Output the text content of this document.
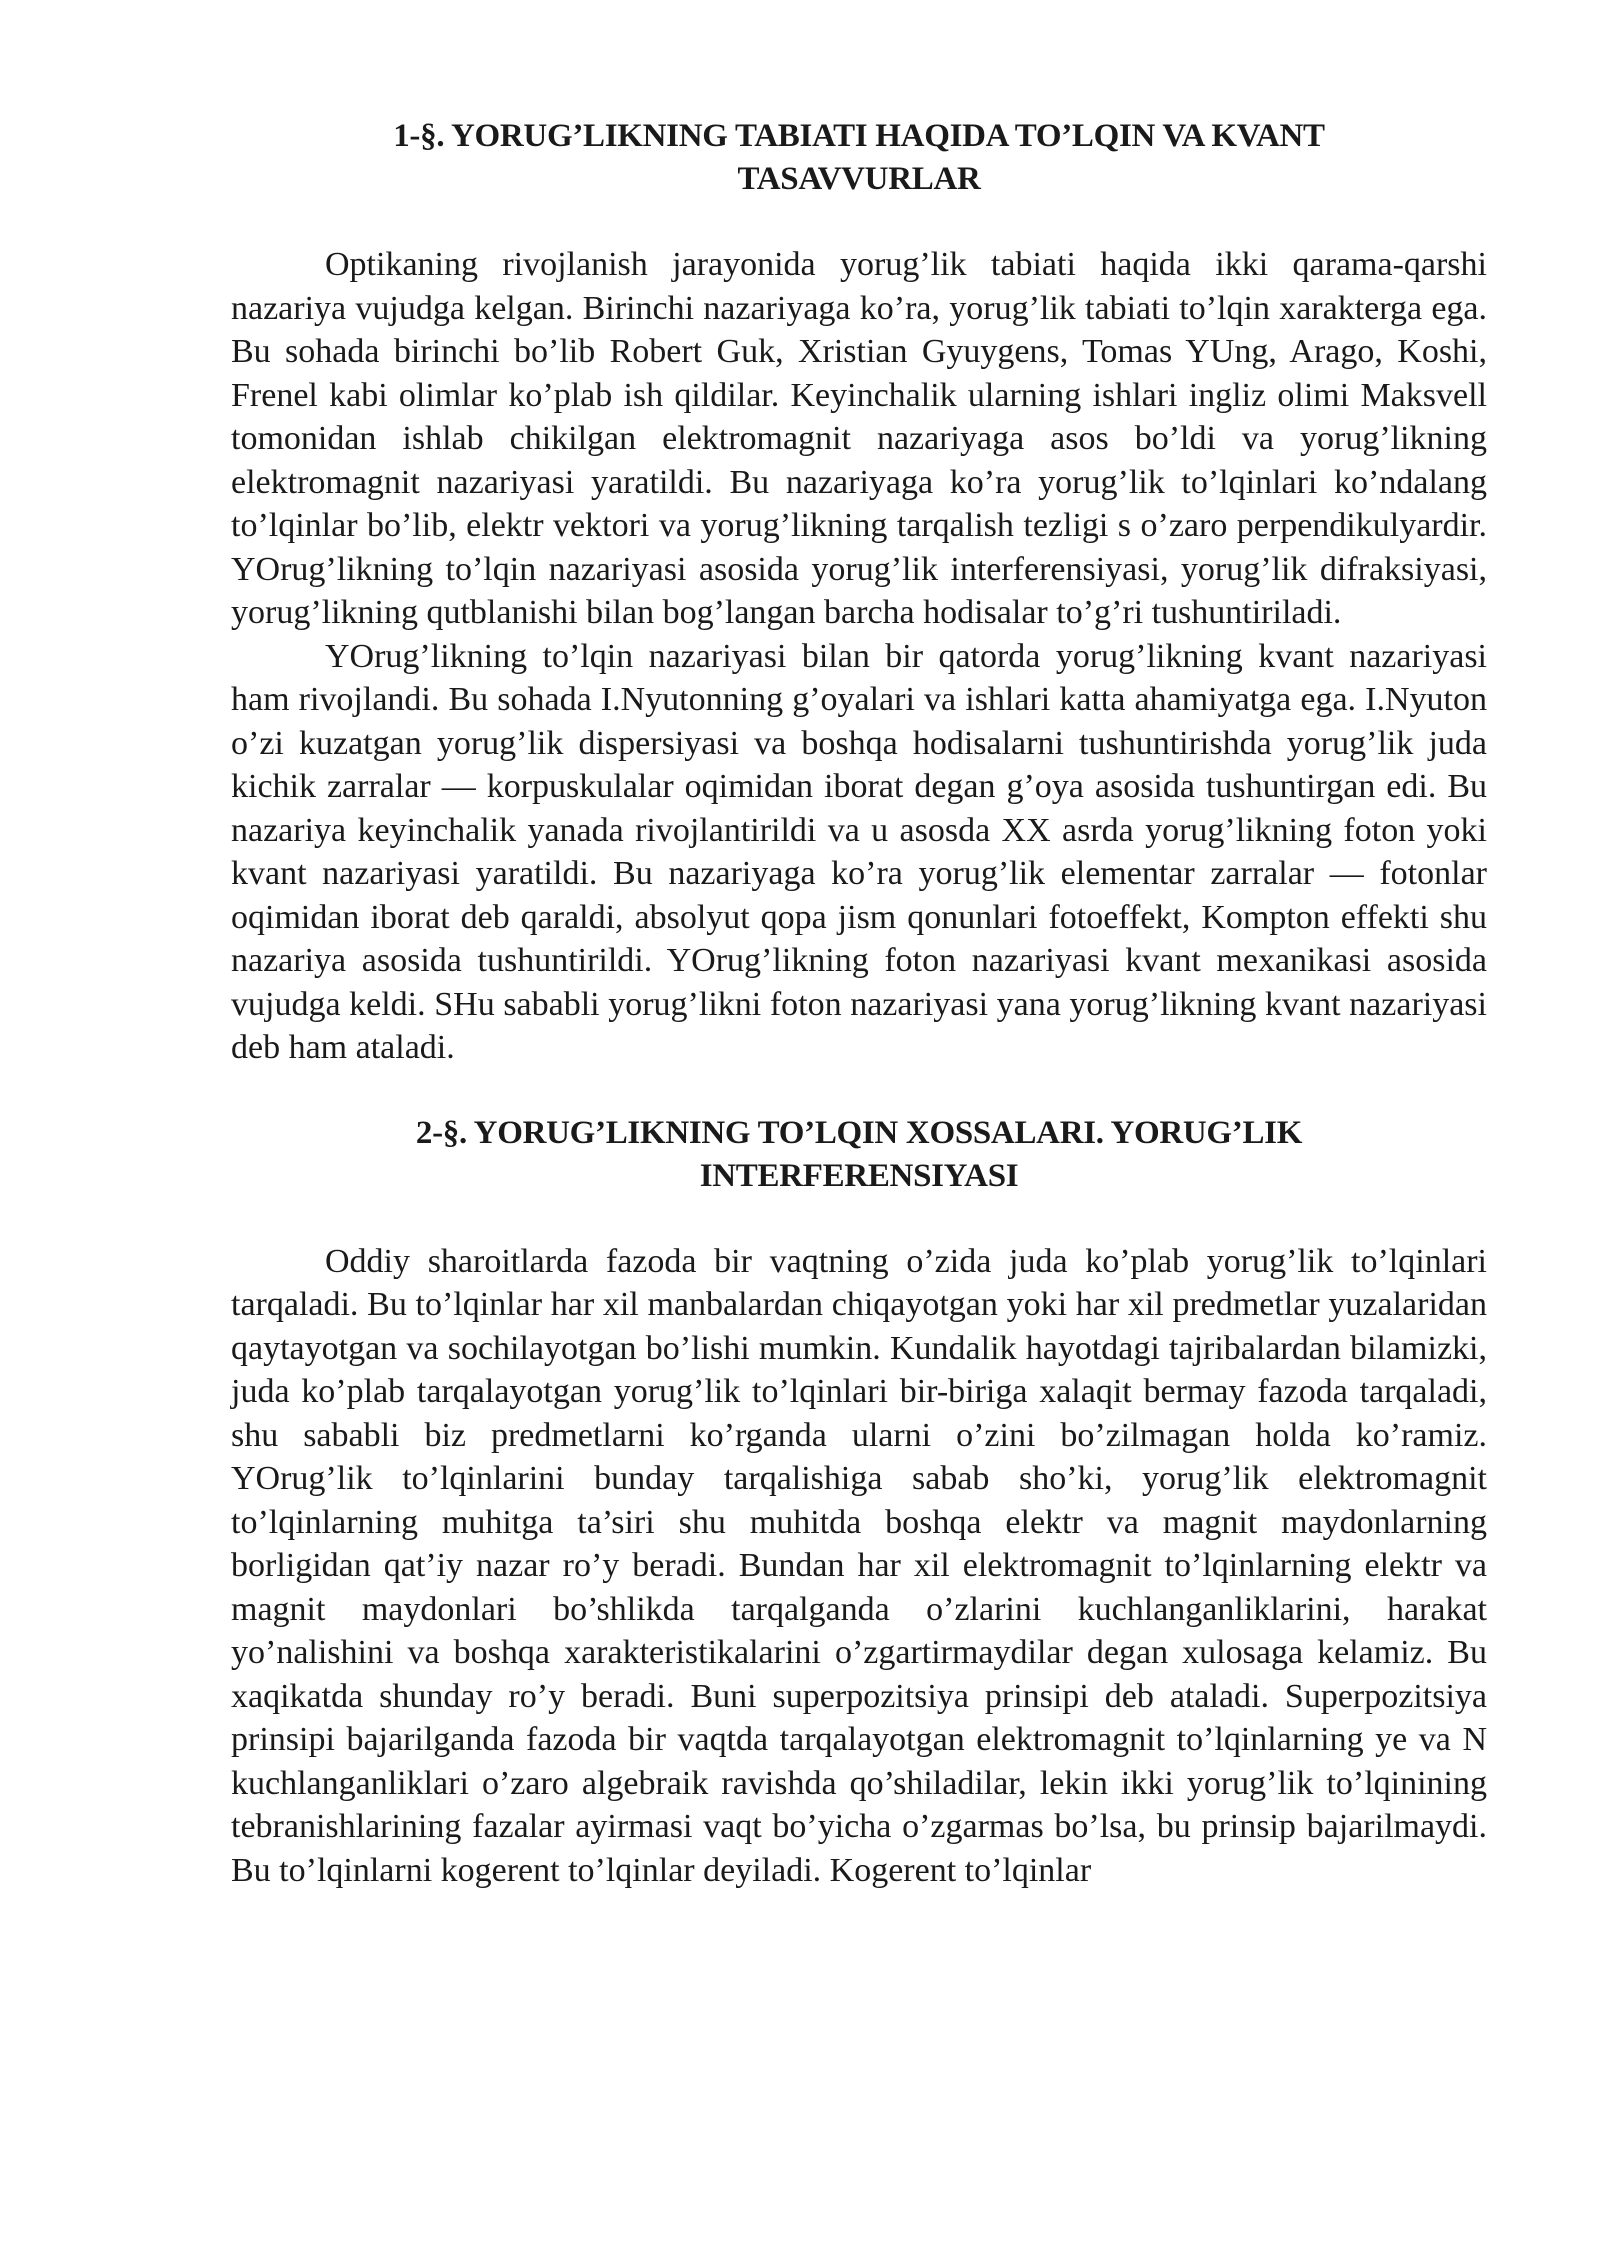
1-§. YORUG’LIKNING TABIATI HAQIDA TO’LQIN VA KVANT
TASAVVURLAR

Optikaning rivojlanish jarayonida yorug’lik tabiati haqida ikki qarama-qarshi nazariya vujudga kelgan. Birinchi nazariyaga ko’ra, yorug’lik tabiati to’lqin xarakterga ega. Bu sohada birinchi bo’lib Robert Guk, Xristian Gyuygens, Tomas YUng, Arago, Koshi, Frenel kabi olimlar ko’plab ish qildilar. Keyinchalik ularning ishlari ingliz olimi Maksvell tomonidan ishlab chikilgan elektromagnit nazariyaga asos bo’ldi va yorug’likning elektromagnit nazariyasi yaratildi. Bu nazariyaga ko’ra yorug’lik to’lqinlari ko’ndalang to’lqinlar bo’lib, elektr vektori va yorug’likning tarqalish tezligi s o’zaro perpendikulyardir. YOrug’likning to’lqin nazariyasi asosida yorug’lik interferensiyasi, yorug’lik difraksiyasi, yorug’likning qutblanishi bilan bog’langan barcha hodisalar to’g’ri tushuntiriladi.

YOrug’likning to’lqin nazariyasi bilan bir qatorda yorug’likning kvant nazariyasi ham rivojlandi. Bu sohada I.Nyutonning g’oyalari va ishlari katta ahamiyatga ega. I.Nyuton o’zi kuzatgan yorug’lik dispersiyasi va boshqa hodisalarni tushuntirishda yorug’lik juda kichik zarralar — korpuskulalar oqimidan iborat degan g’oya asosida tushuntirgan edi. Bu nazariya keyinchalik yanada rivojlantirildi va u asosda XX asrda yorug’likning foton yoki kvant nazariyasi yaratildi. Bu nazariyaga ko’ra yorug’lik elementar zarralar — fotonlar oqimidan iborat deb qaraldi, absolyut qopa jism qonunlari fotoeffekt, Kompton effekti shu nazariya asosida tushuntirildi. YOrug’likning foton nazariyasi kvant mexanikasi asosida vujudga keldi. SHu sababli yorug’likni foton nazariyasi yana yorug’likning kvant nazariyasi deb ham ataladi.

2-§. YORUG’LIKNING TO’LQIN XOSSALARI. YORUG’LIK
INTERFERENSIYASI

Oddiy sharoitlarda fazoda bir vaqtning o’zida juda ko’plab yorug’lik to’lqinlari tarqaladi. Bu to’lqinlar har xil manbalardan chiqayotgan yoki har xil predmetlar yuzalaridan qaytayotgan va sochilayotgan bo’lishi mumkin. Kundalik hayotdagi tajribalardan bilamizki, juda ko’plab tarqalayotgan yorug’lik to’lqinlari bir-biriga xalaqit bermay fazoda tarqaladi, shu sababli biz predmetlarni ko’rganda ularni o’zini bo’zilmagan holda ko’ramiz. YOrug’lik to’lqinlarini bunday tarqalishiga sabab sho’ki, yorug’lik elektromagnit to’lqinlarning muhitga ta’siri shu muhitda boshqa elektr va magnit maydonlarning borligidan qat’iy nazar ro’y beradi. Bundan har xil elektromagnit to’lqinlarning elektr va magnit maydonlari bo’shlikda tarqalganda o’zlarini kuchlanganliklarini, harakat yo’nalishini va boshqa xarakteristikalarini o’zgartirmaydilar degan xulosaga kelamiz. Bu xaqikatda shunday ro’y beradi. Buni superpozitsiya prinsipi deb ataladi. Superpozitsiya prinsipi bajarilganda fazoda bir vaqtda tarqalayotgan elektromagnit to’lqinlarning ye va N kuchlanganliklari o’zaro algebraik ravishda qo’shiladilar, lekin ikki yorug’lik to’lqinining tebranishlarining fazalar ayirmasi vaqt bo’yicha o’zgarmas bo’lsa, bu prinsip bajarilmaydi. Bu to’lqinlarni kogerent to’lqinlar deyiladi. Kogerent to’lqinlar
